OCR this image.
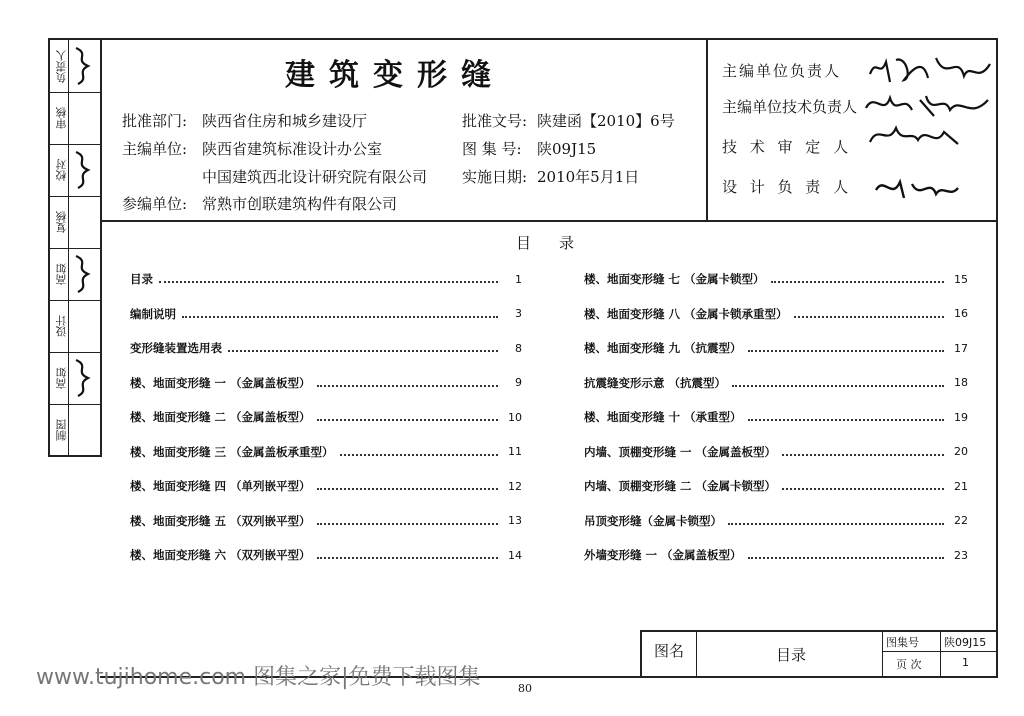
负责人
审核
校对
复核
高如
设计
高如
制图
建筑变形缝
批准部门: 陕西省住房和城乡建设厅
主编单位: 陕西省建筑标准设计办公室
中国建筑西北设计研究院有限公司
参编单位: 常熟市创联建筑构件有限公司
批准文号: 陕建函【2010】6号
图 集 号: 陕09J15
实施日期: 2010年5月1日
主编单位负责人
主编单位技术负责人
技 术 审 定 人
设 计 负 责 人
目录
目录	1
编制说明	3
变形缝装置选用表	8
楼、地面变形缝 一 （金属盖板型）	9
楼、地面变形缝 二 （金属盖板型）	10
楼、地面变形缝 三 （金属盖板承重型）	11
楼、地面变形缝 四 （单列嵌平型）	12
楼、地面变形缝 五 （双列嵌平型）	13
楼、地面变形缝 六 （双列嵌平型）	14
楼、地面变形缝 七 （金属卡锁型）	15
楼、地面变形缝 八 （金属卡锁承重型）	16
楼、地面变形缝 九 （抗震型）	17
抗震缝变形示意 （抗震型）	18
楼、地面变形缝 十 （承重型）	19
内墙、顶棚变形缝 一 （金属盖板型）	20
内墙、顶棚变形缝 二 （金属卡锁型）	21
吊顶变形缝（金属卡锁型）	22
外墙变形缝 一 （金属盖板型）	23
图名	目录
图集号 陕09J15
页 次	1
www.tujihome.com 图集之家|免费下载图集	80
